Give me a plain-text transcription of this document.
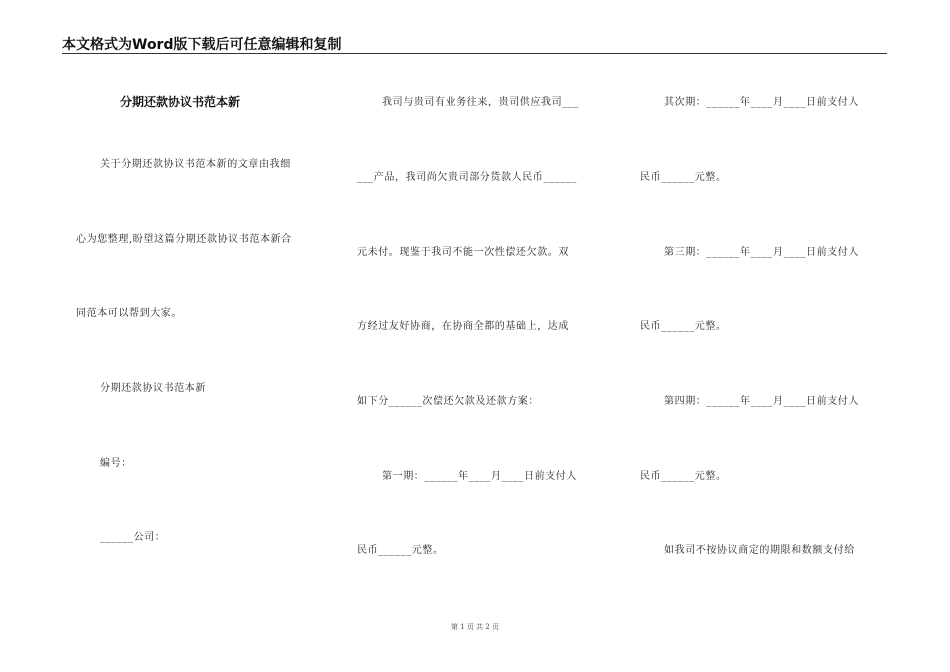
本文格式为Word版下载后可任意编辑和复制
分期还款协议书范本新
关于分期还款协议书范本新的文章由我细
心为您整理,盼望这篇分期还款协议书范本新合
同范本可以帮到大家。
分期还款协议书范本新
编号：
______公司：
我司与贵司有业务往来，贵司供应我司___
___产品，我司尚欠贵司部分货款人民币______
元未付。现鉴于我司不能一次性偿还欠款。双
方经过友好协商，在协商全都的基础上，达成
如下分______次偿还欠款及还款方案：
第一期：______年____月____日前支付人
民币______元整。
其次期：______年____月____日前支付人
民币______元整。
第三期：______年____月____日前支付人
民币______元整。
第四期：______年____月____日前支付人
民币______元整。
如我司不按协议商定的期限和数额支付给
第 1 页 共 2 页
